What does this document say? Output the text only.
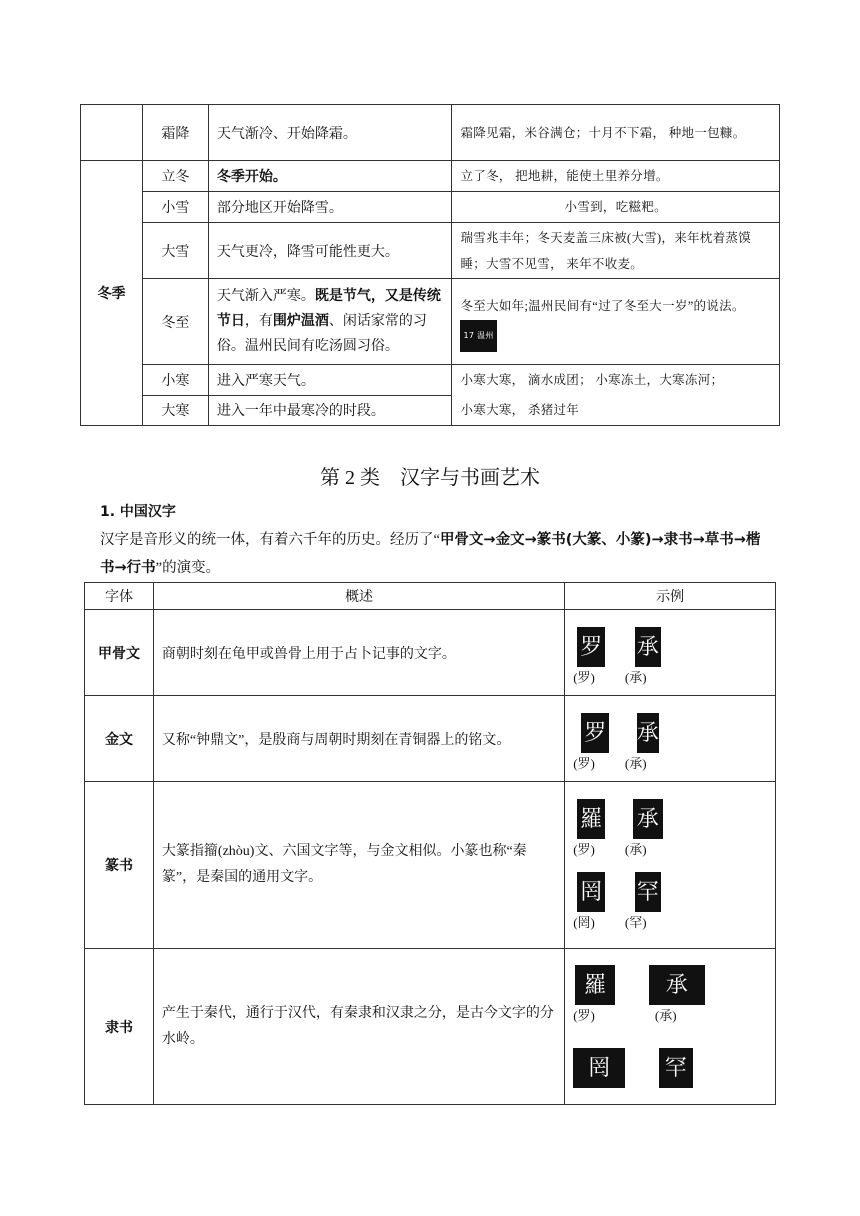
	霜降	天气渐冷、开始降霜。	霜降见霜，米谷满仓；十月不下霜， 种地一包糠。
冬季	立冬	冬季开始。	立了冬， 把地耕，能使土里养分增。
	小雪	部分地区开始降雪。	小雪到，吃糍粑。
	大雪	天气更冷，降雪可能性更大。	瑞雪兆丰年；冬天麦盖三床被(大雪)，来年枕着蒸馍睡；大雪不见雪， 来年不收麦。
	冬至	天气渐入严寒。既是节气，又是传统节日，有围炉温酒、闲话家常的习俗。温州民间有吃汤圆习俗。	冬至大如年;温州民间有“过了冬至大一岁”的说法。17 温州
	小寒	进入严寒天气。	小寒大寒， 滴水成团； 小寒冻土，大寒冻河；
小寒大寒， 杀猪过年

	大寒	进入一年中最寒冷的时段。	
第 2 类　汉字与书画艺术
1. 中国汉字
汉字是音形义的统一体，有着六千年的历史。经历了“甲骨文→金文→篆书(大篆、小篆)→隶书→草书→楷书→行书”的演变。
字体	概述	示例
甲骨文	商朝时刻在龟甲或兽骨上用于占卜记事的文字。	罗 承
(罗) (承)

金文	又称“钟鼎文”，是殷商与周朝时期刻在青铜器上的铭文。	罗 承
(罗) (承)

篆书	大篆指籀(zhòu)文、六国文字等，与金文相似。小篆也称“秦篆”，是秦国的通用文字。	羅 承
(罗) (承)
罔 罕
(罔) (罕)

隶书	产生于秦代，通行于汉代，有秦隶和汉隶之分，是古今文字的分水岭。	羅 承
(罗) (承)
罔 罕
